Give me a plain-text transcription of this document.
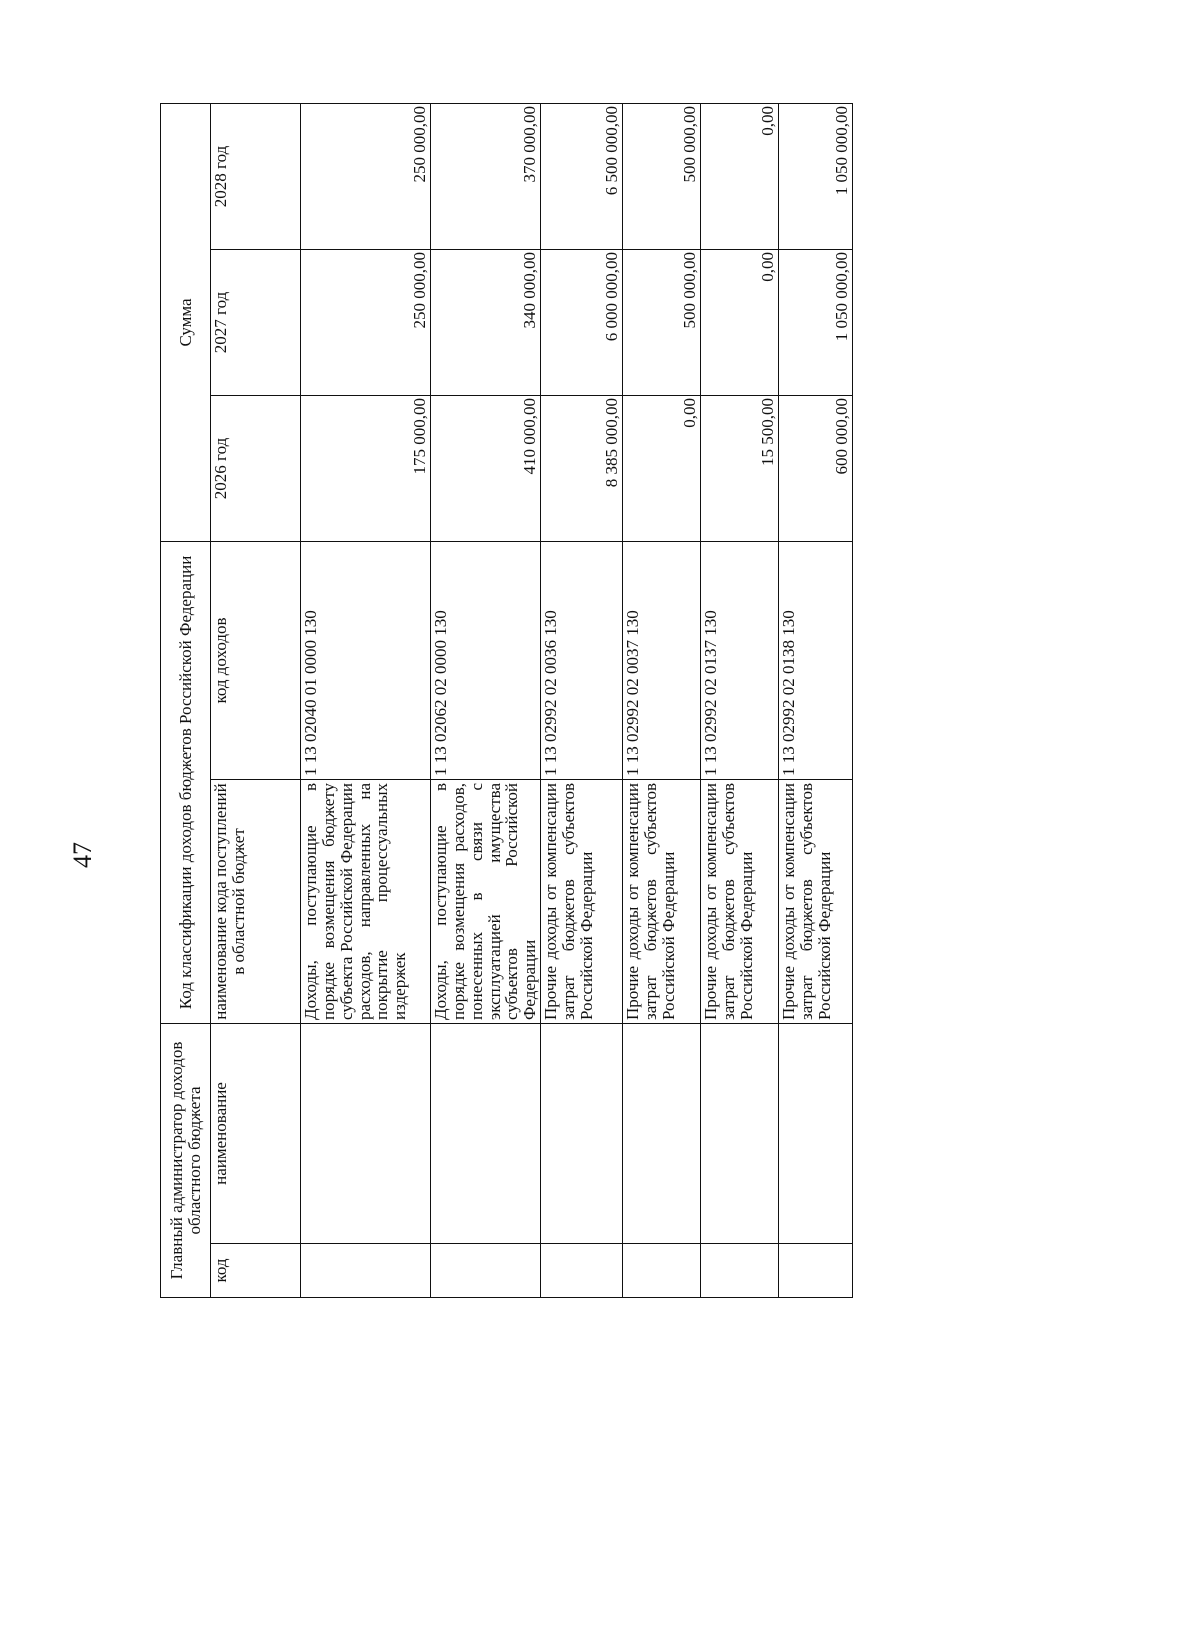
47
Главный администратор доходов областного бюджета		Код классификации доходов бюджетов Российской Федерации		Сумма		
код	наименование	наименование кода поступлений в областной бюджет	код доходов	2026 год	2027 год	2028 год
		Доходы, поступающие в порядке возмещения бюджету субъекта Российской Федерации расходов, направленных на покрытие процессуальных издержек	1 13 02040 01 0000 130	175 000,00	250 000,00	250 000,00
		Доходы, поступающие в порядке возмещения расходов, понесенных в связи с эксплуатацией имущества субъектов Российской Федерации	1 13 02062 02 0000 130	410 000,00	340 000,00	370 000,00
		Прочие доходы от компенсации затрат бюджетов субъектов Российской Федерации	1 13 02992 02 0036 130	8 385 000,00	6 000 000,00	6 500 000,00
		Прочие доходы от компенсации затрат бюджетов субъектов Российской Федерации	1 13 02992 02 0037 130	0,00	500 000,00	500 000,00
		Прочие доходы от компенсации затрат бюджетов субъектов Российской Федерации	1 13 02992 02 0137 130	15 500,00	0,00	0,00
		Прочие доходы от компенсации затрат бюджетов субъектов Российской Федерации	1 13 02992 02 0138 130	600 000,00	1 050 000,00	1 050 000,00
